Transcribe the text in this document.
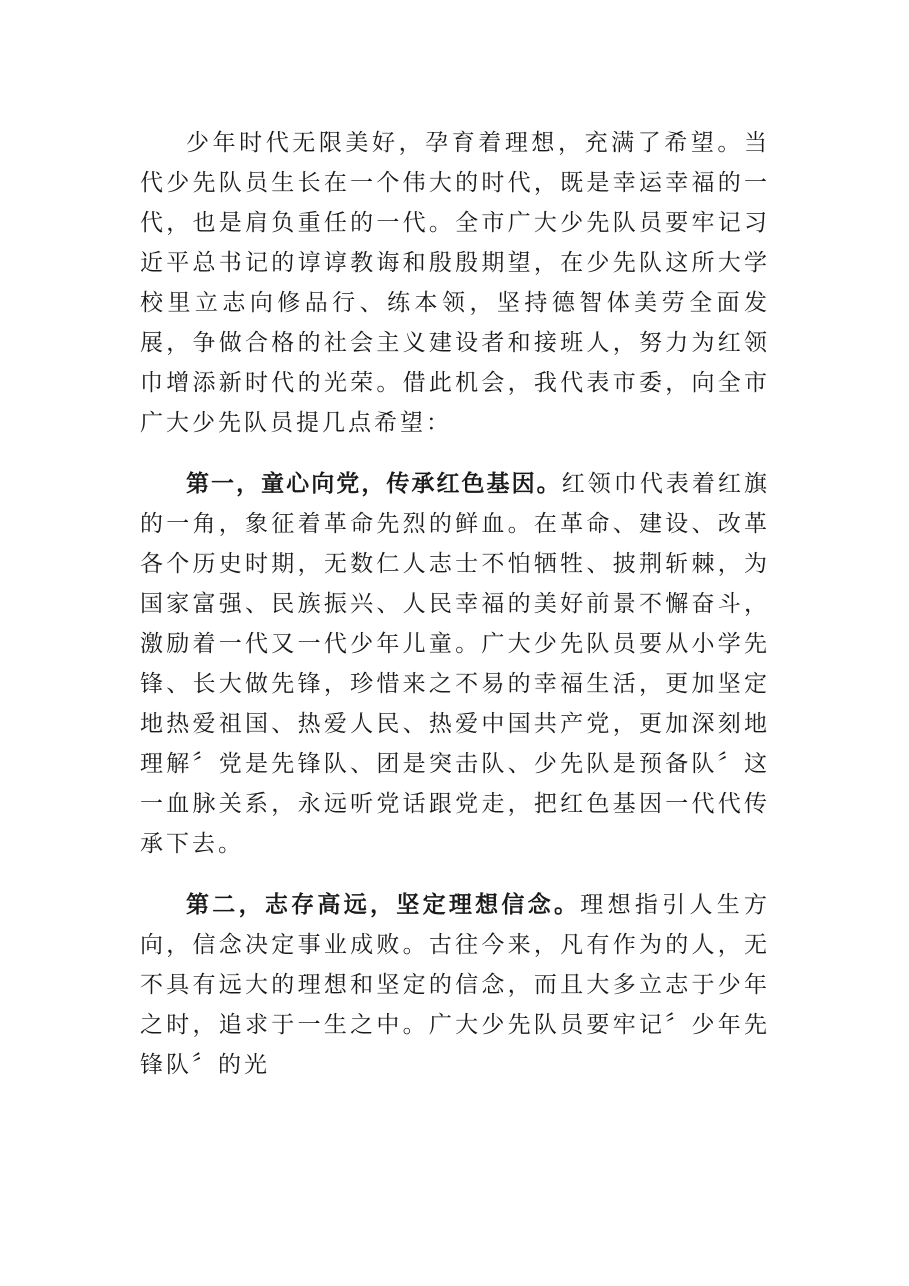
少年时代无限美好，孕育着理想，充满了希望。当代少先队员生长在一个伟大的时代，既是幸运幸福的一代，也是肩负重任的一代。全市广大少先队员要牢记习近平总书记的谆谆教诲和殷殷期望，在少先队这所大学校里立志向修品行、练本领，坚持德智体美劳全面发展，争做合格的社会主义建设者和接班人，努力为红领巾增添新时代的光荣。借此机会，我代表市委，向全市广大少先队员提几点希望：

第一，童心向党，传承红色基因。红领巾代表着红旗的一角，象征着革命先烈的鲜血。在革命、建设、改革各个历史时期，无数仁人志士不怕牺牲、披荆斩棘，为国家富强、民族振兴、人民幸福的美好前景不懈奋斗，激励着一代又一代少年儿童。广大少先队员要从小学先锋、长大做先锋，珍惜来之不易的幸福生活，更加坚定地热爱祖国、热爱人民、热爱中国共产党，更加深刻地理解〞党是先锋队、团是突击队、少先队是预备队〞这一血脉关系，永远听党话跟党走，把红色基因一代代传承下去。

第二，志存高远，坚定理想信念。理想指引人生方向，信念决定事业成败。古往今来，凡有作为的人，无不具有远大的理想和坚定的信念，而且大多立志于少年之时，追求于一生之中。广大少先队员要牢记〞少年先锋队〞的光
